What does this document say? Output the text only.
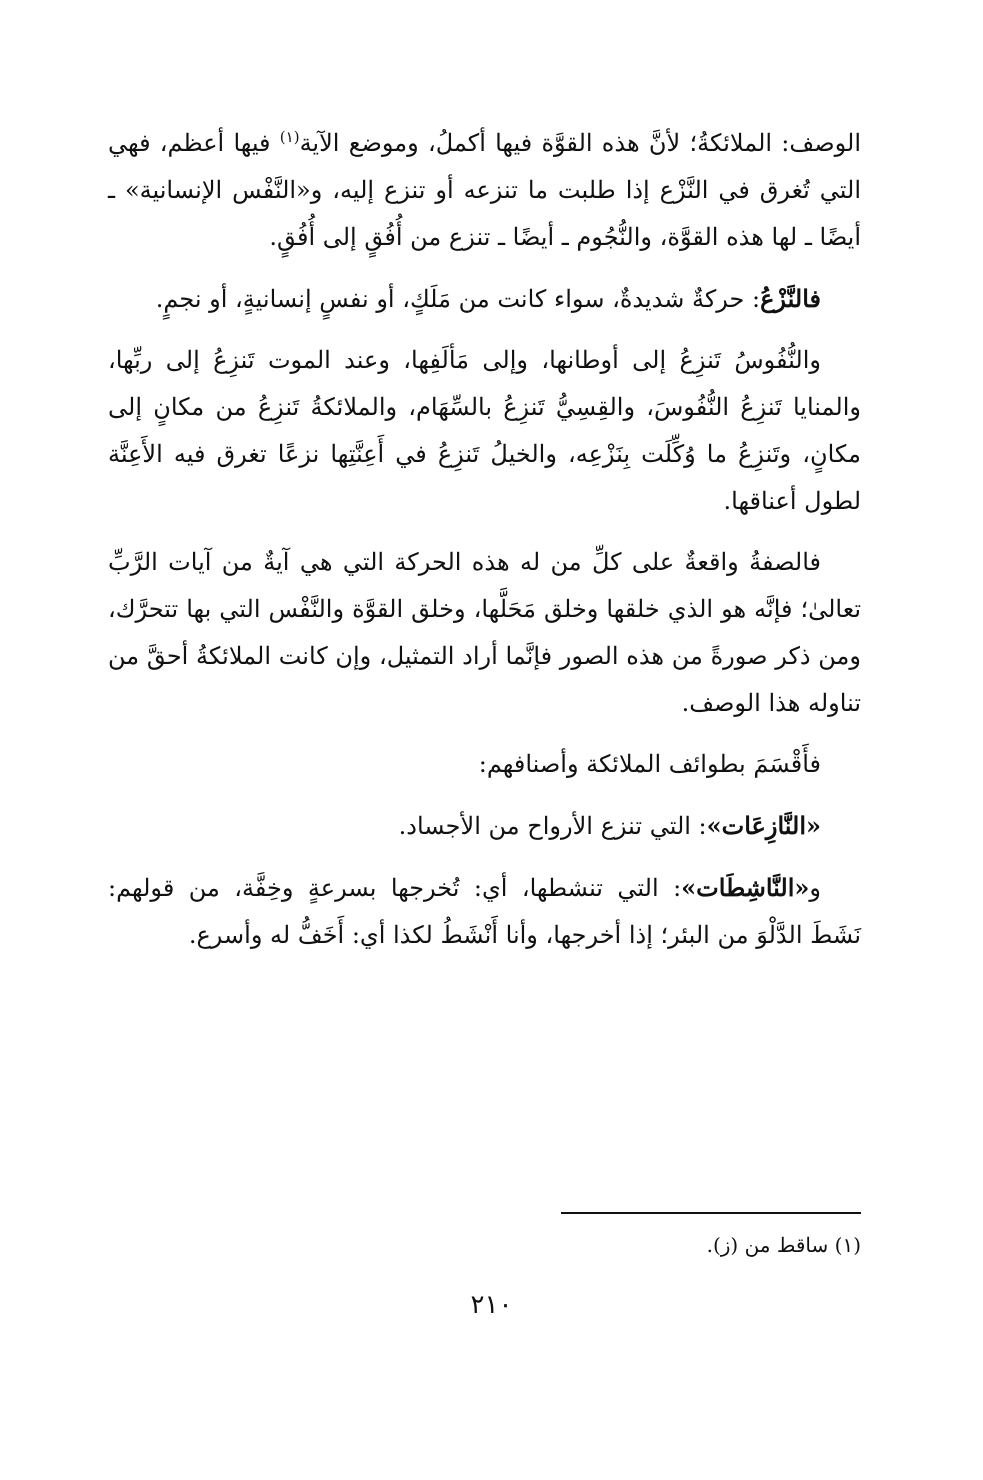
الوصف: الملائكةُ؛ لأنَّ هذه القوَّة فيها أكملُ، وموضع الآية$^{(١)}$ فيها أعظم، فهي التي تُغرق في النَّزْع إذا طلبت ما تنزعه أو تنزع إليه، و«النَّفْس الإنسانية» ـ أيضًا ـ لها هذه القوَّة، والنُّجُوم ـ أيضًا ـ تنزع من أُفُقٍ إلى أُفُقٍ.

فالنَّزْعُ: حركةٌ شديدةٌ، سواء كانت من مَلَكٍ، أو نفسٍ إنسانيةٍ، أو نجمٍ.

والنُّفُوسُ تَنزِعُ إلى أوطانها، وإلى مَألَفِها، وعند الموت تَنزِعُ إلى ربِّها، والمنايا تَنزِعُ النُّفُوسَ، والقِسِيُّ تَنزِعُ بالسِّهَام، والملائكةُ تَنزِعُ من مكانٍ إلى مكانٍ، وتَنزِعُ ما وُكِّلَت بِنَزْعِه، والخيلُ تَنزِعُ في أَعِنَّتِها نزعًا تغرق فيه الأَعِنَّة لطول أعناقها.

فالصفةُ واقعةٌ على كلِّ من له هذه الحركة التي هي آيةٌ من آيات الرَّبِّ تعالىٰ؛ فإنَّه هو الذي خلقها وخلق مَحَلَّها، وخلق القوَّة والنَّفْس التي بها تتحرَّك، ومن ذكر صورةً من هذه الصور فإنَّما أراد التمثيل، وإن كانت الملائكةُ أحقَّ من تناوله هذا الوصف.

فأَقْسَمَ بطوائف الملائكة وأصنافهم:

«النَّازِعَات»: التي تنزع الأرواح من الأجساد.

و«النَّاشِطَات»: التي تنشطها، أي: تُخرجها بسرعةٍ وخِفَّة، من قولهم: نَشَطَ الدَّلْوَ من البئر؛ إذا أخرجها، وأنا أَنْشَطُ لكذا أي: أَخَفُّ له وأسرع.

(١) ساقط من (ز).
٢١٠
